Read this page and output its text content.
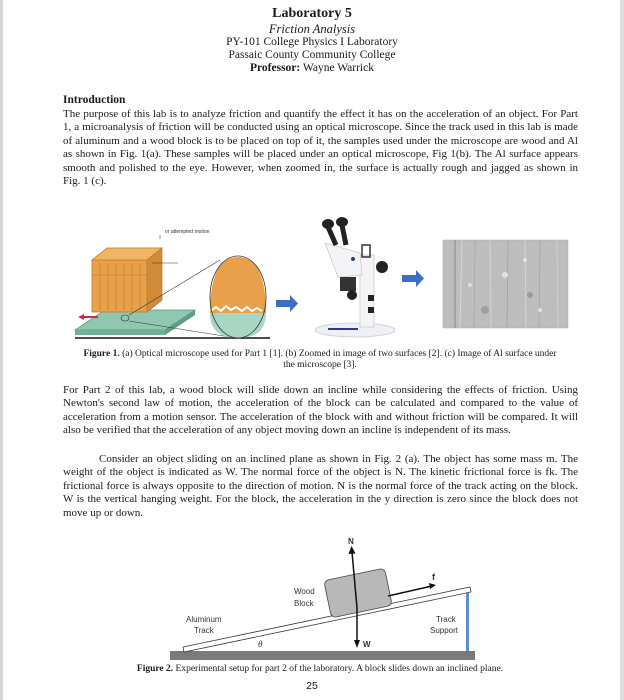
Laboratory 5
Friction Analysis
PY-101 College Physics I Laboratory
Passaic County Community College
Professor: Wayne Warrick
Introduction
The purpose of this lab is to analyze friction and quantify the effect it has on the acceleration of an object. For Part 1, a microanalysis of friction will be conducted using an optical microscope. Since the track used in this lab is made of aluminum and a wood block is to be placed on top of it, the samples used under the microscope are wood and Al as shown in Fig. 1(a). These samples will be placed under an optical microscope, Fig 1(b). The Al surface appears smooth and polished to the eye. However, when zoomed in, the surface is actually rough and jagged as shown in Fig. 1 (c).
or attempted motion
Figure 1. (a) Optical microscope used for Part 1 [1]. (b) Zoomed in image of two surfaces [2]. (c) Image of Al surface under the microscope [3].
For Part 2 of this lab, a wood block will slide down an incline while considering the effects of friction. Using Newton's second law of motion, the acceleration of the block can be calculated and compared to the value of acceleration from a motion sensor. The acceleration of the block with and without friction will be compared. It will also be verified that the acceleration of any object moving down an incline is independent of its mass.
Consider an object sliding on an inclined plane as shown in Fig. 2 (a). The object has some mass m. The weight of the object is indicated as W. The normal force of the object is N. The kinetic frictional force is fk. The frictional force is always opposite to the direction of motion. N is the normal force of the track acting on the block. W is the vertical hanging weight. For the block, the acceleration in the y direction is zero since the block does not move up or down.
N
f
W
θ
Wood
Block
Aluminum
Track
Track
Support
Figure 2. Experimental setup for part 2 of the laboratory. A block slides down an inclined plane.
25
